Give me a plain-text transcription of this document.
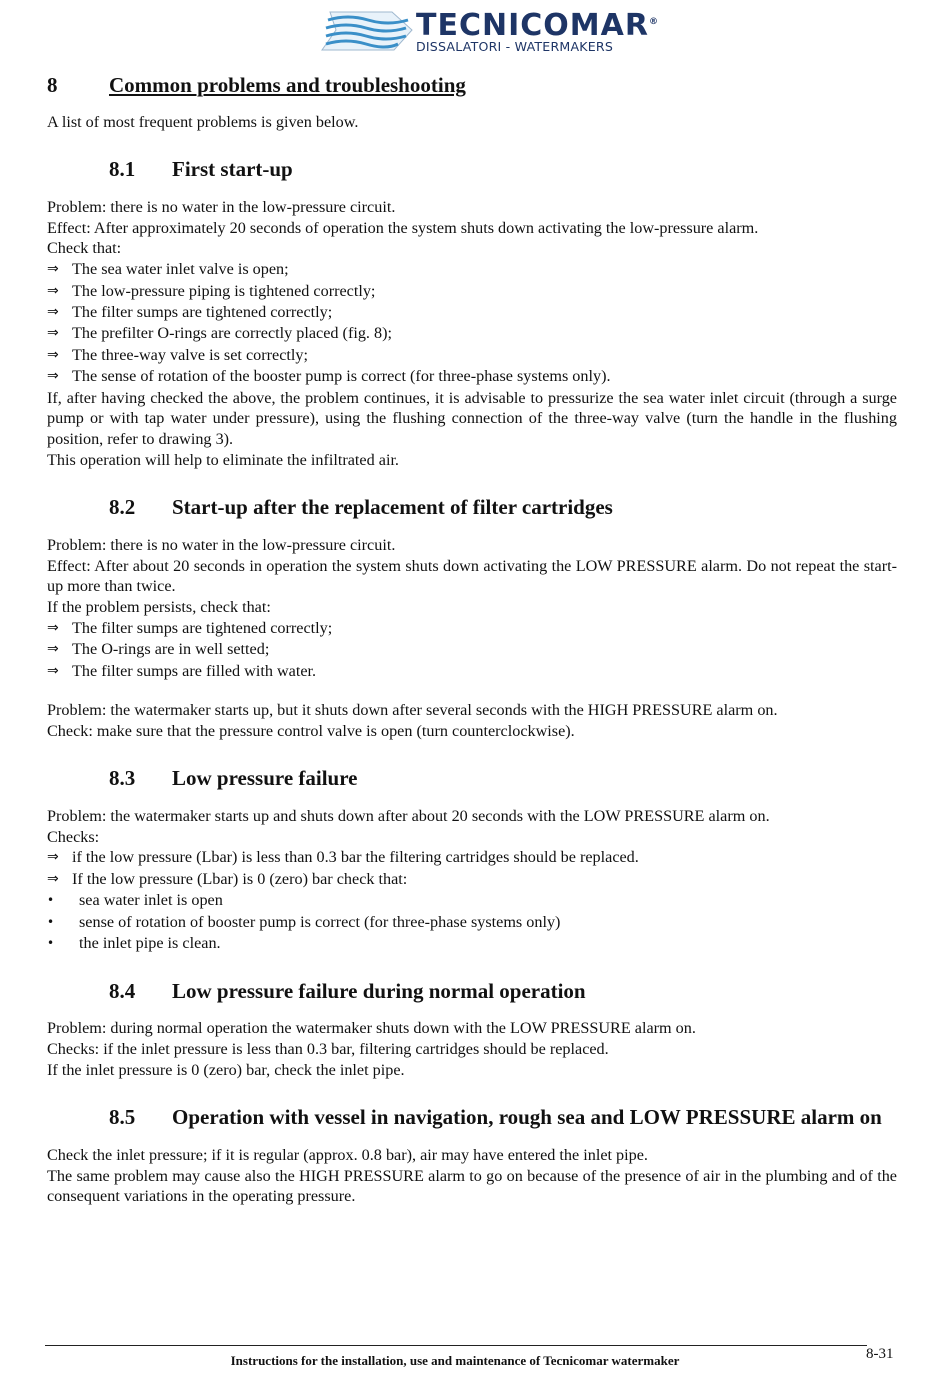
TECNICOMAR®
DISSALATORI - WATERMAKERS
8	Common problems and troubleshooting

A list of most frequent problems is given below.

8.1	First start-up

Problem: there is no water in the low-pressure circuit.

Effect: After approximately 20 seconds of operation the system shuts down activating the low-pressure alarm.

Check that:

⇒ The sea water inlet valve is open;
⇒ The low-pressure piping is tightened correctly;
⇒ The filter sumps are tightened correctly;
⇒ The prefilter O-rings are correctly placed (fig. 8);
⇒ The three-way valve is set correctly;
⇒ The sense of rotation of the booster pump is correct (for three-phase systems only).

If, after having checked the above, the problem continues, it is advisable to pressurize the sea water inlet circuit (through a surge pump or with tap water under pressure), using the flushing connection of the three-way valve (turn the handle in the flushing position, refer to drawing 3).

This operation will help to eliminate the infiltrated air.

8.2	Start-up after the replacement of filter cartridges

Problem: there is no water in the low-pressure circuit.

Effect: After about 20 seconds in operation the system shuts down activating the LOW PRESSURE alarm. Do not repeat the start-up more than twice.

If the problem persists, check that:

⇒ The filter sumps are tightened correctly;
⇒ The O-rings are in well setted;
⇒ The filter sumps are filled with water.

Problem: the watermaker starts up, but it shuts down after several seconds with the HIGH PRESSURE alarm on.

Check: make sure that the pressure control valve is open (turn counterclockwise).

8.3	Low pressure failure

Problem: the watermaker starts up and shuts down after about 20 seconds with the LOW PRESSURE alarm on.

Checks:

⇒ if the low pressure (Lbar) is less than 0.3 bar the filtering cartridges should be replaced.
⇒ If the low pressure (Lbar) is 0 (zero) bar check that:
•	sea water inlet is open
•	sense of rotation of booster pump is correct (for three-phase systems only)
•	the inlet pipe is clean.
8.4	Low pressure failure during normal operation

Problem: during normal operation the watermaker shuts down with the LOW PRESSURE alarm on.

Checks: if the inlet pressure is less than 0.3 bar, filtering cartridges should be replaced.

If the inlet pressure is 0 (zero) bar, check the inlet pipe.

8.5	Operation with vessel in navigation, rough sea and LOW PRESSURE alarm on

Check the inlet pressure; if it is regular (approx. 0.8 bar), air may have entered the inlet pipe.

The same problem may cause also the HIGH PRESSURE alarm to go on because of the presence of air in the plumbing and of the consequent variations in the operating pressure.

Instructions for the installation, use and maintenance of Tecnicomar watermaker	8-31
